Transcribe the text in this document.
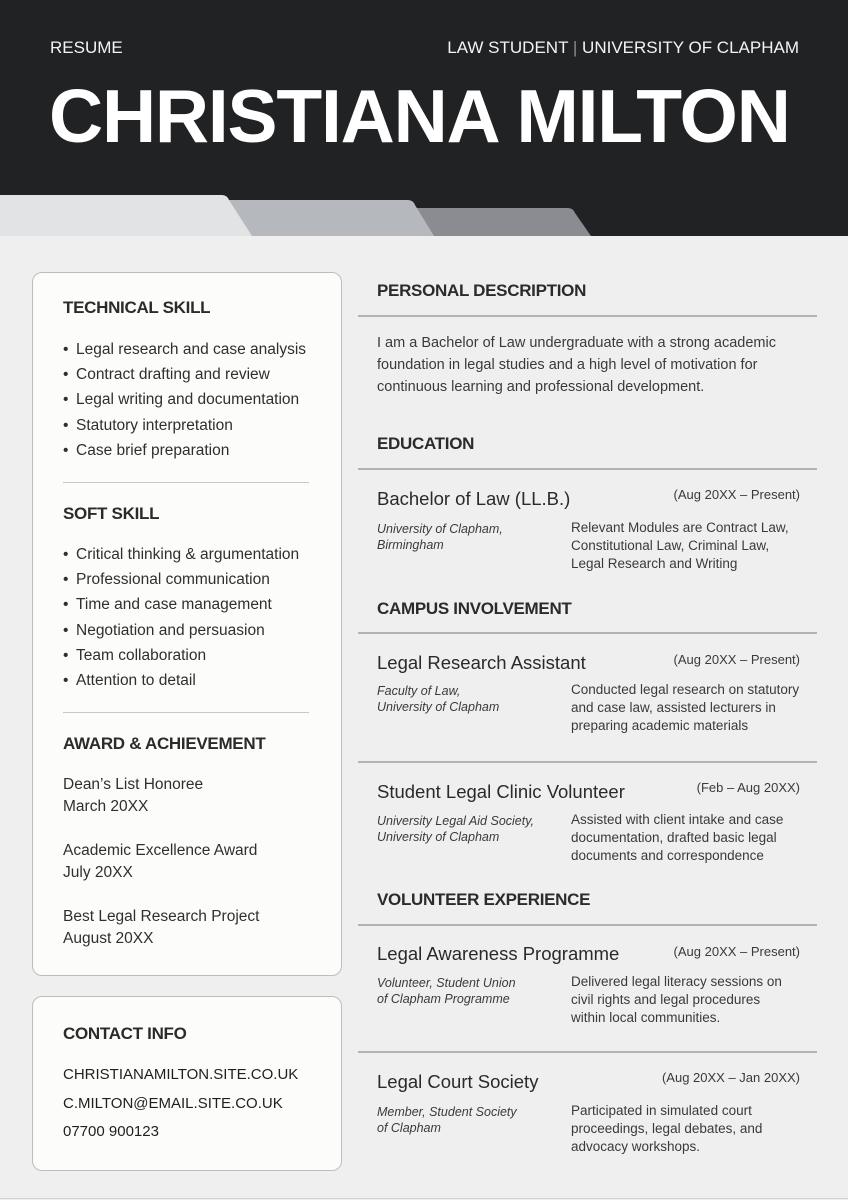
RESUME	LAW STUDENT | UNIVERSITY OF CLAPHAM
CHRISTIANA MILTON
TECHNICAL SKILL
• Legal research and case analysis
• Contract drafting and review
• Legal writing and documentation
• Statutory interpretation
• Case brief preparation
SOFT SKILL
• Critical thinking & argumentation
• Professional communication
• Time and case management
• Negotiation and persuasion
• Team collaboration
• Attention to detail
AWARD & ACHIEVEMENT
Dean’s List Honoree
March 20XX
Academic Excellence Award
July 20XX
Best Legal Research Project
August 20XX
CONTACT INFO
CHRISTIANAMILTON.SITE.CO.UK
C.MILTON@EMAIL.SITE.CO.UK
07700 900123
PERSONAL DESCRIPTION
I am a Bachelor of Law undergraduate with a strong academic
foundation in legal studies and a high level of motivation for
continuous learning and professional development.
EDUCATION
Bachelor of Law (LL.B.)	(Aug 20XX – Present)
University of Clapham,
Birmingham
Relevant Modules are Contract Law,
Constitutional Law, Criminal Law,
Legal Research and Writing
CAMPUS INVOLVEMENT
Legal Research Assistant	(Aug 20XX – Present)
Faculty of Law,
University of Clapham
Conducted legal research on statutory
and case law, assisted lecturers in
preparing academic materials
Student Legal Clinic Volunteer	(Feb – Aug 20XX)
University Legal Aid Society,
University of Clapham
Assisted with client intake and case
documentation, drafted basic legal
documents and correspondence
VOLUNTEER EXPERIENCE
Legal Awareness Programme	(Aug 20XX – Present)
Volunteer, Student Union
of Clapham Programme
Delivered legal literacy sessions on
civil rights and legal procedures
within local communities.
Legal Court Society	(Aug 20XX – Jan 20XX)
Member, Student Society
of Clapham
Participated in simulated court
proceedings, legal debates, and
advocacy workshops.
